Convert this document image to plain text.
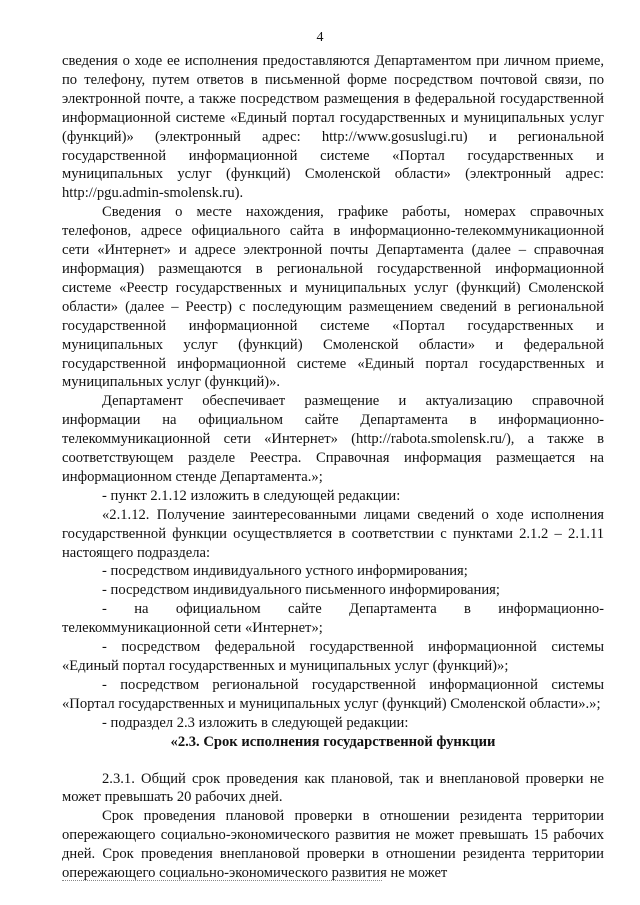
4

сведения о ходе ее исполнения предоставляются Департаментом при личном приеме, по телефону, путем ответов в письменной форме посредством почтовой связи, по электронной почте, а также посредством размещения в федеральной государственной информационной системе «Единый портал государственных и муниципальных услуг (функций)» (электронный адрес: http://www.gosuslugi.ru) и региональной государственной информационной системе «Портал государственных и муниципальных услуг (функций) Смоленской области» (электронный адрес: http://pgu.admin-smolensk.ru).

Сведения о месте нахождения, графике работы, номерах справочных телефонов, адресе официального сайта в информационно-телекоммуникационной сети «Интернет» и адресе электронной почты Департамента (далее – справочная информация) размещаются в региональной государственной информационной системе «Реестр государственных и муниципальных услуг (функций) Смоленской области» (далее – Реестр) с последующим размещением сведений в региональной государственной информационной системе «Портал государственных и муниципальных услуг (функций) Смоленской области» и федеральной государственной информационной системе «Единый портал государственных и муниципальных услуг (функций)».

Департамент обеспечивает размещение и актуализацию справочной информации на официальном сайте Департамента в информационно-телекоммуникационной сети «Интернет» (http://rabota.smolensk.ru/), а также в соответствующем разделе Реестра. Справочная информация размещается на информационном стенде Департамента.»;

- пункт 2.1.12 изложить в следующей редакции:

«2.1.12. Получение заинтересованными лицами сведений о ходе исполнения государственной функции осуществляется в соответствии с пунктами 2.1.2 – 2.1.11 настоящего подраздела:

- посредством индивидуального устного информирования;

- посредством индивидуального письменного информирования;

- на официальном сайте Департамента в информационно-телекоммуникационной сети «Интернет»;

- посредством федеральной государственной информационной системы «Единый портал государственных и муниципальных услуг (функций)»;

- посредством региональной государственной информационной системы «Портал государственных и муниципальных услуг (функций) Смоленской области».»;

- подраздел 2.3 изложить в следующей редакции:

«2.3. Срок исполнения государственной функции

2.3.1. Общий срок проведения как плановой, так и внеплановой проверки не может превышать 20 рабочих дней.

Срок проведения плановой проверки в отношении резидента территории опережающего социально-экономического развития не может превышать 15 рабочих дней. Срок проведения внеплановой проверки в отношении резидента территории опережающего социально-экономического развития не может
